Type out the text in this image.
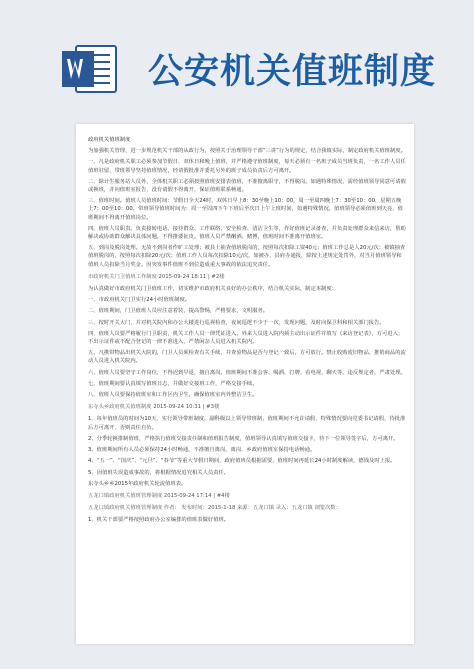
公安机关值班制度

政府机关值班制度

为加强机关管理，进一步规范机关干部的从政行为，按照关于治理领导干部“三讲”行为的规定，结合我镇实际，制定政府机关值班制度。

一、凡是政府机关职工必须参加节假日、双休日和晚上值班，并严格遵守值班制度，每天必须有一名班子成员当班负责，一名工作人员任值班驻留，带班领导坚持值班情况，经请假批准并委托另外的班子成员负责后方可离开。

二、除计生服务站人员外，全体机关职工必须按照值班安排表值班，不准擅离职守，不得脱岗。如遇特殊情况，需经值班领导同意可请假或换班，并向值班室报告，没有请假不得离开，保证值班联系畅通。

三、值班时间。值班人员值班时间：节假日全天24时，双休日早上8：30至晚上10：00，周一至周四晚上7：30至10：00，星期五晚上7：00至10：00。带班领导值班时间为：周一至周四下午下班后至次日上午上班时间，如遇特殊情况，值班领导必须值班到天亮，值班期间不得离开值班岗位。

四、值班人员职责。负责接转电话、接待群众、工作联络、安全检查、清洁卫生等，作好值班记录备查，并负责处理群众来信来访，帮助解决或协助群众解决具体问题，不得推诿扯皮。值班人员严禁酗酒、赌博，值班时间不准离开值班室。

五、到岗及脱岗处理。无故不到岗者作旷工处理；被县上抽查值班脱岗的，按照每次扣除工资40元；值班工作总是人20元/次；被镇抽查值班脱岗的，按照每次扣除20元/次；值班工作人员每次扣除10元/次，如被办、县府办通报，除按上述规定处罚外，对当月值班领导和值班人员扣除当月奖金。因突发事件值班不到位造成重大事故的依法追究责任。

市政府机关门卫值班工作制度 2015-09-24 18:11 | #2楼

为认真做好市政府机关门卫值班工作，切实维护市政府机关良好的办公秩序，结合机关实际，制定本制度：

一、市政府机关门卫实行24小时值班制度。

二、值班期间，门卫值班人员应注意着装，提高警惕，严格要求，文明服务。

三、按时开关大门，并对机关院内和办公大楼进行巡视检查，夜间巡逻不少于一次，发现问题，及时向保卫科和相关部门报告。

四、值班人员要严格履行门卫职责，机关工作人员一律凭证进入。外来人员进入院内须主动出示证件并填写《来访登记表》，方可进入；不出示证件或不配合登记的一律不准进入，严禁闲杂人员进入机关院内。

五、凡携带物品出机关大院的，门卫人员须检查有关手续，并查验物品是否与登记一致后，方可放行。禁止收购废旧物品、推销商品的流动人员进入机关院内。

六、值班人员要坚守工作岗位，不得迟到早退，擅自离岗。值班期间不准会客、喝酒、打牌、看电视、聊天等，违反规定者，严肃处理。

七、值班期间要认真填写值班日志，并做好交接班工作，严格交接手续。

八、值班人员要保持值班室和工作区内卫生，确保值班室内外整洁卫生。

东寺头乡政府机关值班制度 2015-09-24 10:31 | #3楼

1、每年值班员的时间为10天，实行领导带班制度，副科级以上领导带班制，值班期间不允许请假，特殊情况要向党委书记请假，待批准后方可离开，否则责任自负。

2、分季轮换排制值班，严格执行值班交接责任制和值班报告制度，值班领导认真填写值班交接卡，待下一位领导签字后，方可离开。

3、值班期间所有人员必须保持24小时畅通，不准擅自离岗，离岗、乡政府值班室保持电话畅通。

4、“五一”、“国庆”、“元旦”、“春节”等重大节假日期间，政府值班员根据需要，值班时间再延长24小时制度解读，德钱及时上报。

5、因值班失误造成事故的，将根据情况追究相关人员责任。

东寺头乡乡2015年政府机关轮流值班表。

五龙口镇政府机关值班管理制度 2015-09-24 17:14 | #4楼

五龙口镇政府机关值班管理制度 作者： 发布时间：2015-1-18 来源：五龙口镇 录入：五龙口镇 浏览次数：

1、机关干部要严格按照政府办公室编排的值班表做好值班。
